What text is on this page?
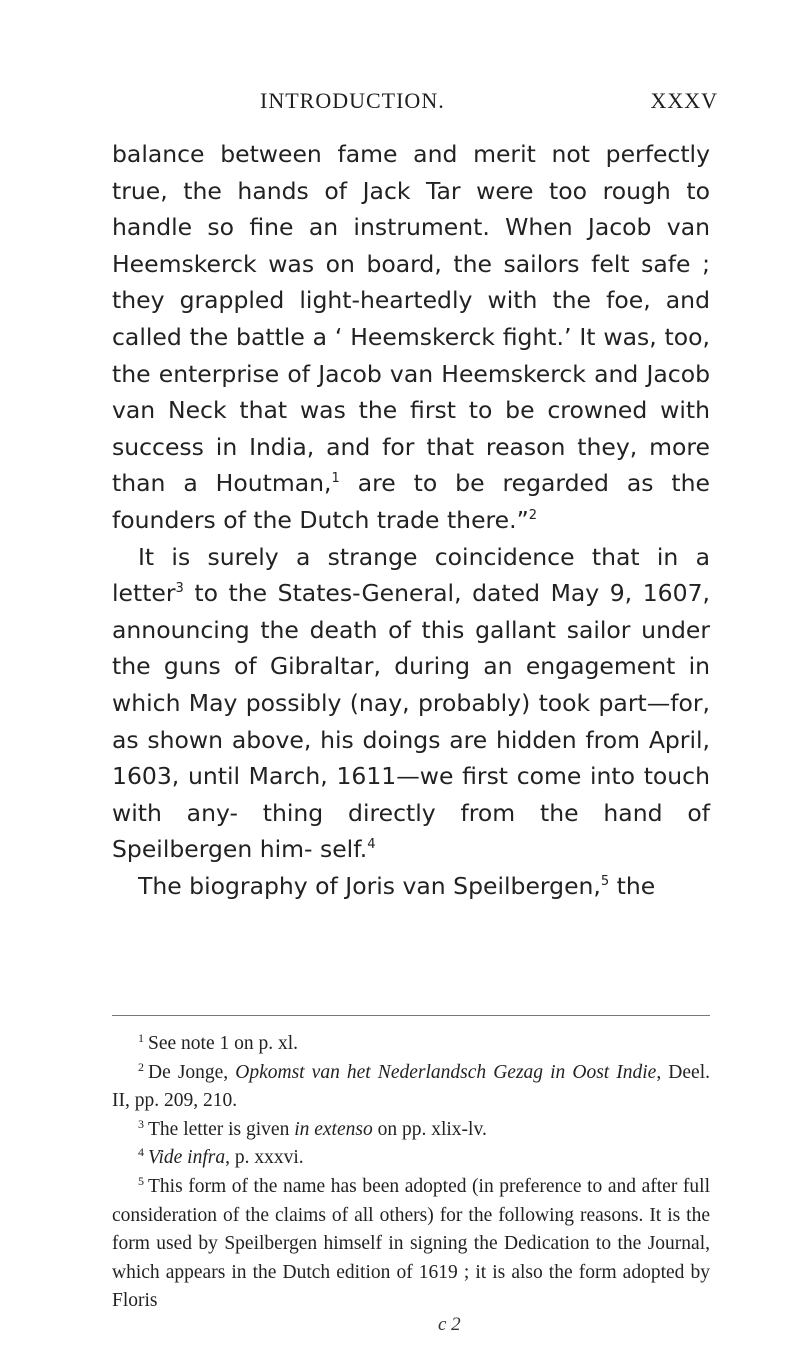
INTRODUCTION.	XXXV

balance between fame and merit not perfectly true, the hands of Jack Tar were too rough to handle so fine an instrument. When Jacob van Heemskerck was on board, the sailors felt safe ; they grappled light-heartedly with the foe, and called the battle a ‘ Heemskerck fight.’ It was, too, the enterprise of Jacob van Heemskerck and Jacob van Neck that was the first to be crowned with success in India, and for that reason they, more than a Houtman,$^1$ are to be regarded as the founders of the Dutch trade there.”$^2$

It is surely a strange coincidence that in a letter$^3$ to the States-General, dated May 9, 1607, announcing the death of this gallant sailor under the guns of Gibraltar, during an engagement in which May possibly (nay, probably) took part—for, as shown above, his doings are hidden from April, 1603, until March, 1611—we first come into touch with any- thing directly from the hand of Speilbergen him- self.$^4$

The biography of Joris van Speilbergen,$^5$ the

$^1$ See note 1 on p. xl.

$^2$ De Jonge, Opkomst van het Nederlandsch Gezag in Oost Indie, Deel. II, pp. 209, 210.

$^3$ The letter is given in extenso on pp. xlix-lv.

$^4$ Vide infra, p. xxxvi.

$^5$ This form of the name has been adopted (in preference to and after full consideration of the claims of all others) for the following reasons. It is the form used by Speilbergen himself in signing the Dedication to the Journal, which appears in the Dutch edition of 1619 ; it is also the form adopted by Floris

c 2
